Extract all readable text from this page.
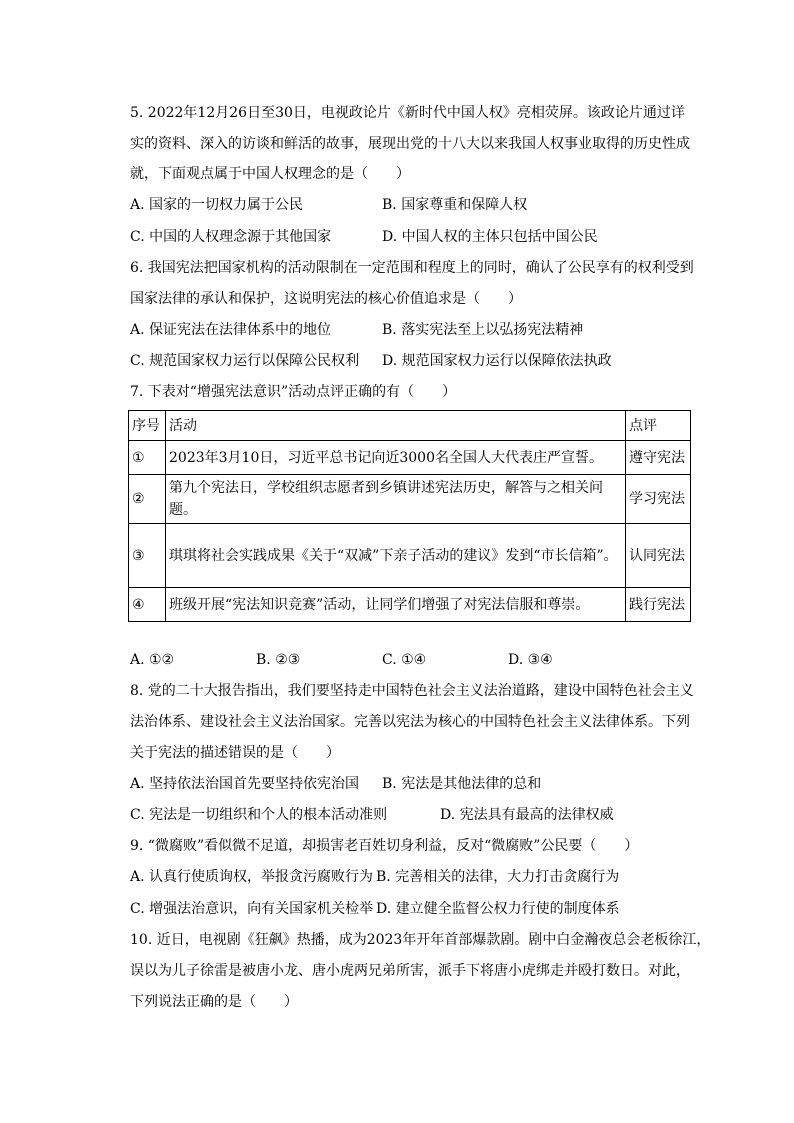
5. 2022年12月26日至30日，电视政论片《新时代中国人权》亮相荧屏。该政论片通过详
实的资料、深入的访谈和鲜活的故事，展现出党的十八大以来我国人权事业取得的历史性成
就，下面观点属于中国人权理念的是（　　）
A. 国家的一切权力属于公民	B. 国家尊重和保障人权
C. 中国的人权理念源于其他国家	D. 中国人权的主体只包括中国公民
6. 我国宪法把国家机构的活动限制在一定范围和程度上的同时，确认了公民享有的权利受到
国家法律的承认和保护，这说明宪法的核心价值追求是（　　）
A. 保证宪法在法律体系中的地位	B. 落实宪法至上以弘扬宪法精神
C. 规范国家权力运行以保障公民权利 D. 规范国家权力运行以保障依法执政
7. 下表对“增强宪法意识”活动点评正确的有（　　）
序号	活动	点评
①	2023年3月10日，习近平总书记向近3000名全国人大代表庄严宣誓。	遵守宪法
②	第九个宪法日，学校组织志愿者到乡镇讲述宪法历史，解答与之相关问题。	学习宪法
③	琪琪将社会实践成果《关于“双减”下亲子活动的建议》发到“市长信箱”。	认同宪法
④	班级开展“宪法知识竞赛”活动，让同学们增强了对宪法信服和尊崇。	践行宪法
A. ①②	B. ②③	C. ①④	D. ③④
8. 党的二十大报告指出，我们要坚持走中国特色社会主义法治道路，建设中国特色社会主义
法治体系、建设社会主义法治国家。完善以宪法为核心的中国特色社会主义法律体系。下列
关于宪法的描述错误的是（　　）
A. 坚持依法治国首先要坚持依宪治国 B. 宪法是其他法律的总和
C. 宪法是一切组织和个人的根本活动准则	D. 宪法具有最高的法律权威
9. “微腐败”看似微不足道，却损害老百姓切身利益，反对“微腐败”公民要（　　）
A. 认真行使质询权，举报贪污腐败行为 B. 完善相关的法律，大力打击贪腐行为
C. 增强法治意识，向有关国家机关检举 D. 建立健全监督公权力行使的制度体系
10. 近日，电视剧《狂飙》热播，成为2023年开年首部爆款剧。剧中白金瀚夜总会老板徐江，
误以为儿子徐雷是被唐小龙、唐小虎两兄弟所害，派手下将唐小虎绑走并殴打数日。对此，
下列说法正确的是（　　）
